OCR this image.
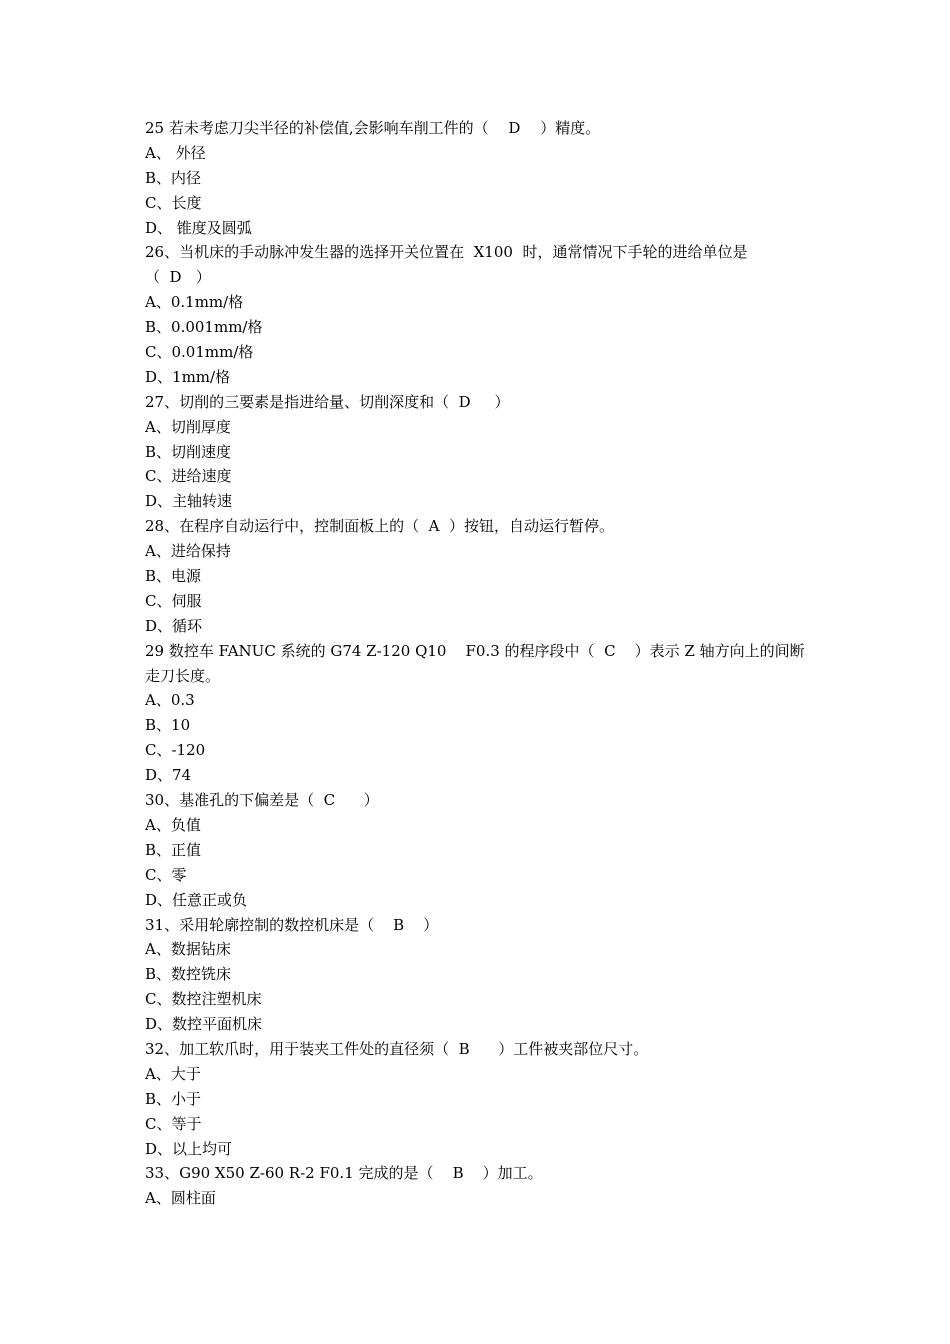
25 若未考虑刀尖半径的补偿值,会影响车削工件的（　 D　 ）精度。
A、 外径
B、内径
C、长度
D、 锥度及圆弧
26、当机床的手动脉冲发生器的选择开关位置在  X100  时，通常情况下手轮的进给单位是
（  D   ）
A、0.1mm/格
B、0.001mm/格
C、0.01mm/格
D、1mm/格
27、切削的三要素是指进给量、切削深度和（  D     ）
A、切削厚度
B、切削速度
C、进给速度
D、主轴转速
28、在程序自动运行中，控制面板上的（  A  ）按钮，自动运行暂停。
A、进给保持
B、电源
C、伺服
D、循环
29 数控车 FANUC 系统的 G74 Z-120 Q10    F0.3 的程序段中（  C    ）表示 Z 轴方向上的间断
走刀长度。
A、0.3
B、10
C、-120
D、74
30、基准孔的下偏差是（  C      ）
A、负值
B、正值
C、零
D、任意正或负
31、采用轮廓控制的数控机床是（    B    ）
A、数据钻床
B、数控铣床
C、数控注塑机床
D、数控平面机床
32、加工软爪时，用于装夹工件处的直径须（  B      ）工件被夹部位尺寸。
A、大于
B、小于
C、等于
D、以上均可
33、G90 X50 Z-60 R-2 F0.1 完成的是（    B    ）加工。
A、圆柱面
